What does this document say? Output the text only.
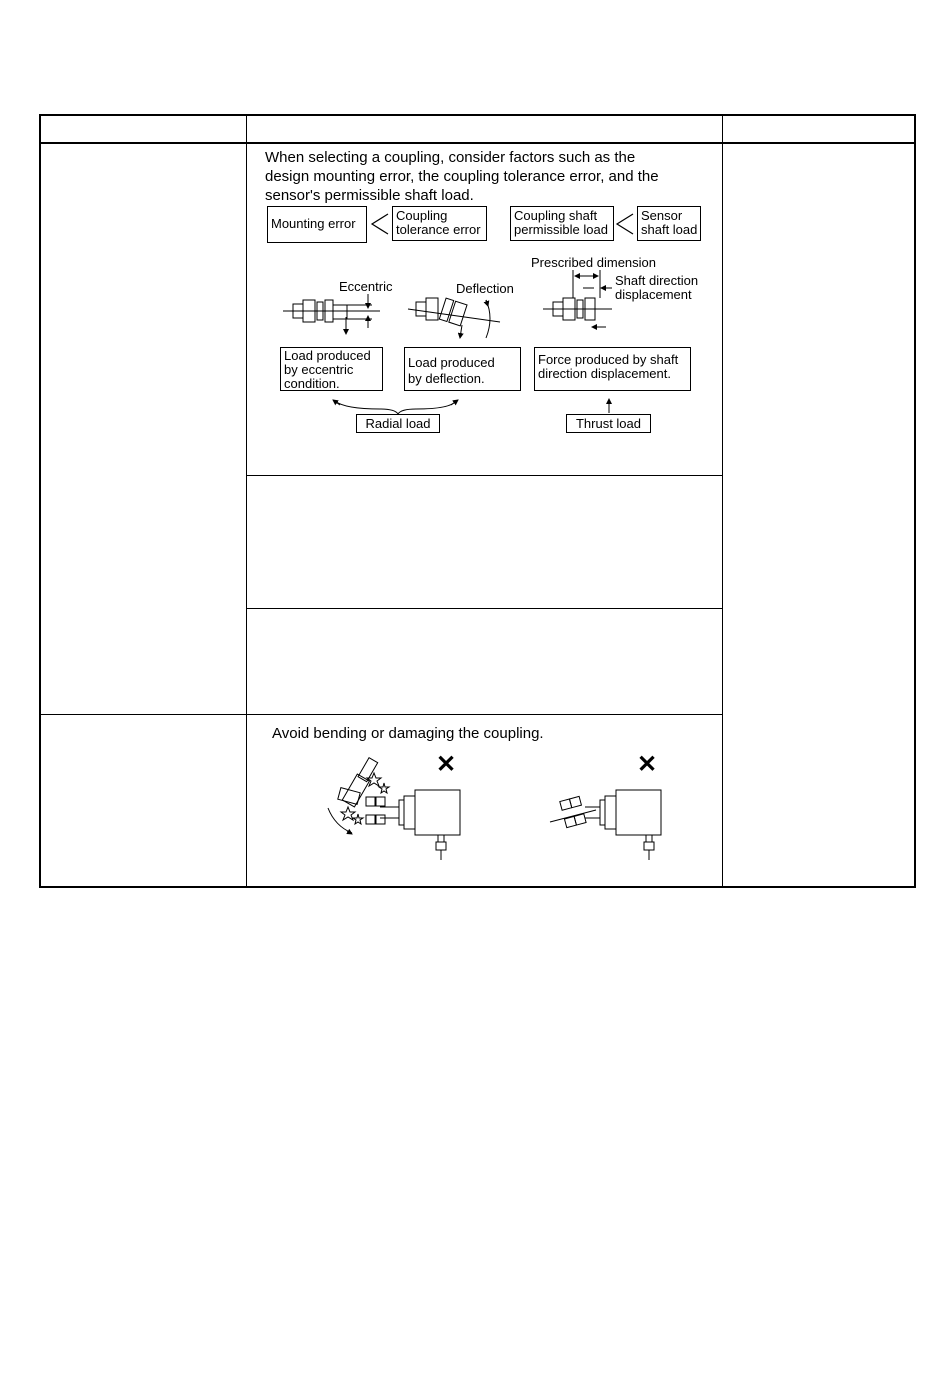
When selecting a coupling, consider factors such as the
design mounting error, the coupling tolerance error, and the
sensor's permissible shaft load.
Mounting error
Coupling
tolerance error
Coupling shaft
permissible load
Sensor
shaft load
Eccentric	Deflection
Prescribed dimension
Shaft direction
displacement
Load produced
by eccentric
condition.
Load produced
by deflection.
Force produced by shaft
direction displacement.
Radial load	Thrust load
Avoid bending or damaging the coupling.
✕	✕
